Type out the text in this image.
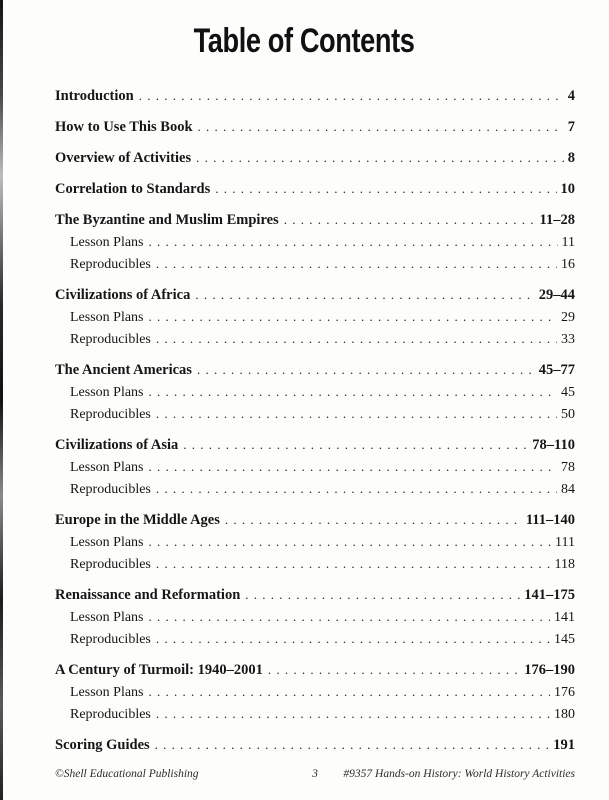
Table of Contents
Introduction . . .	4
How to Use This Book . . .	7
Overview of Activities . . .	8
Correlation to Standards . . .	10
The Byzantine and Muslim Empires . . .	11–28
Lesson Plans . . .	11
Reproducibles . . .	16
Civilizations of Africa . . .	29–44
Lesson Plans . . .	29
Reproducibles . . .	33
The Ancient Americas . . .	45–77
Lesson Plans . . .	45
Reproducibles . . .	50
Civilizations of Asia . . .	78–110
Lesson Plans . . .	78
Reproducibles . . .	84
Europe in the Middle Ages . . .	111–140
Lesson Plans . . .	111
Reproducibles . . .	118
Renaissance and Reformation . . .	141–175
Lesson Plans . . .	141
Reproducibles . . .	145
A Century of Turmoil: 1940–2001 . . .	176–190
Lesson Plans . . .	176
Reproducibles . . .	180
Scoring Guides . . .	191
©Shell Educational Publishing	3	#9357 Hands-on History: World History Activities
